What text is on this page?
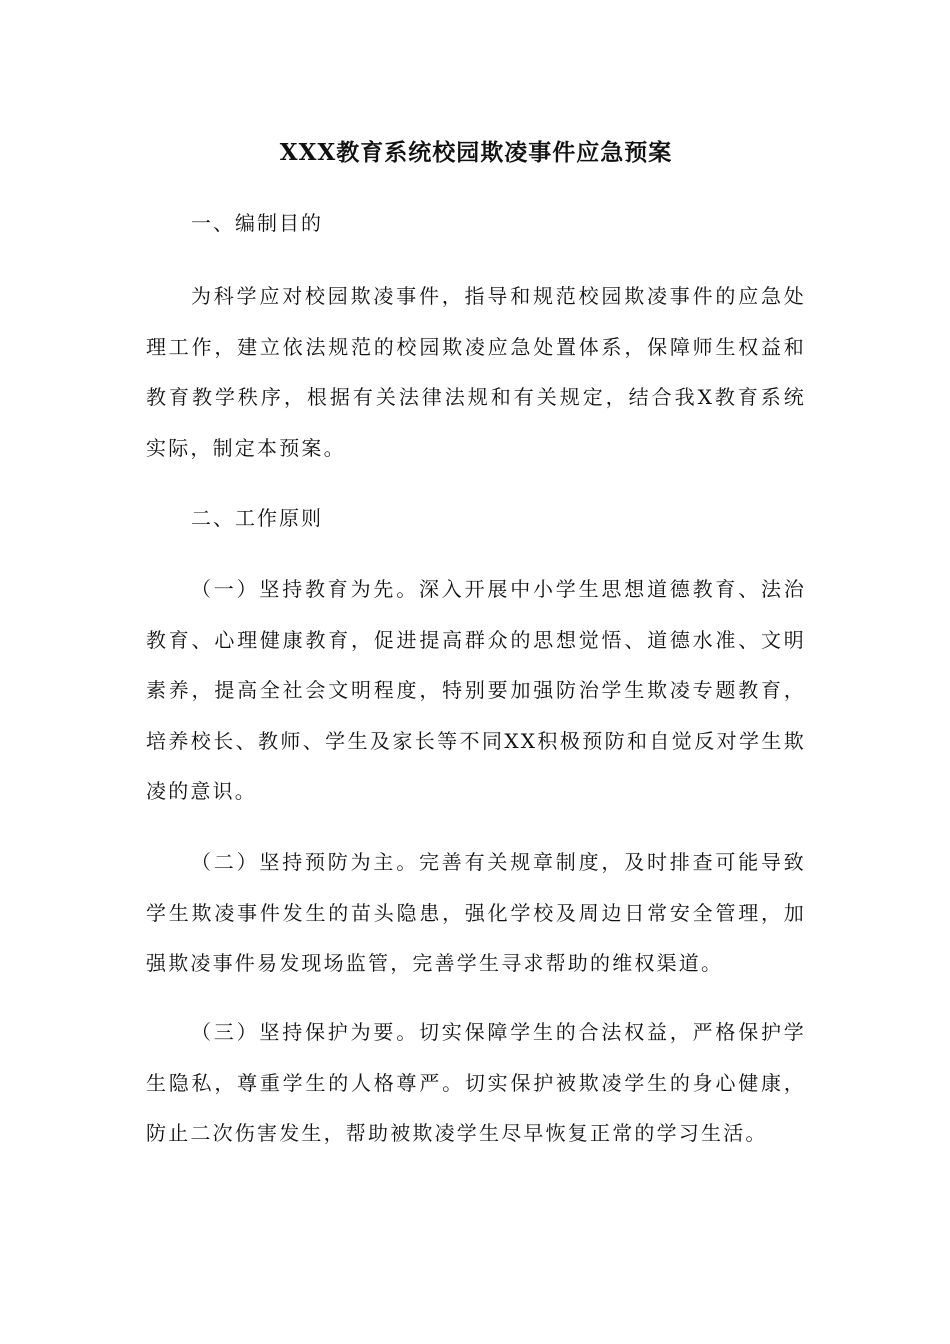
XXX教育系统校园欺凌事件应急预案

一、编制目的

为科学应对校园欺凌事件，指导和规范校园欺凌事件的应急处理工作，建立依法规范的校园欺凌应急处置体系，保障师生权益和教育教学秩序，根据有关法律法规和有关规定，结合我X教育系统实际，制定本预案。

二、工作原则

（一）坚持教育为先。深入开展中小学生思想道德教育、法治教育、心理健康教育，促进提高群众的思想觉悟、道德水准、文明素养，提高全社会文明程度，特别要加强防治学生欺凌专题教育，培养校长、教师、学生及家长等不同XX积极预防和自觉反对学生欺凌的意识。

（二）坚持预防为主。完善有关规章制度，及时排查可能导致学生欺凌事件发生的苗头隐患，强化学校及周边日常安全管理，加强欺凌事件易发现场监管，完善学生寻求帮助的维权渠道。

（三）坚持保护为要。切实保障学生的合法权益，严格保护学生隐私，尊重学生的人格尊严。切实保护被欺凌学生的身心健康，防止二次伤害发生，帮助被欺凌学生尽早恢复正常的学习生活。
